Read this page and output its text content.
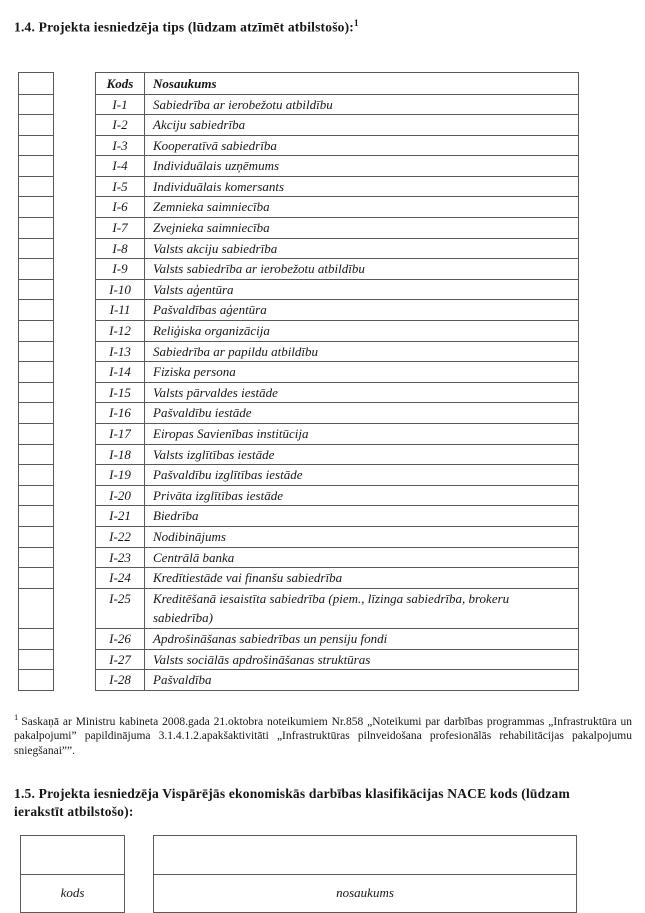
1.4. Projekta iesniedzēja tips (lūdzam atzīmēt atbilstošo):$^1$
		Kods	Nosaukums
		I-1	Sabiedrība ar ierobežotu atbildību
		I-2	Akciju sabiedrība
		I-3	Kooperatīvā sabiedrība
		I-4	Individuālais uzņēmums
		I-5	Individuālais komersants
		I-6	Zemnieka saimniecība
		I-7	Zvejnieka saimniecība
		I-8	Valsts akciju sabiedrība
		I-9	Valsts sabiedrība ar ierobežotu atbildību
		I-10	Valsts aģentūra
		I-11	Pašvaldības aģentūra
		I-12	Reliģiska organizācija
		I-13	Sabiedrība ar papildu atbildību
		I-14	Fiziska persona
		I-15	Valsts pārvaldes iestāde
		I-16	Pašvaldību iestāde
		I-17	Eiropas Savienības institūcija
		I-18	Valsts izglītības iestāde
		I-19	Pašvaldību izglītības iestāde
		I-20	Privāta izglītības iestāde
		I-21	Biedrība
		I-22	Nodibinājums
		I-23	Centrālā banka
		I-24	Kredītiestāde vai finanšu sabiedrība
		I-25	Kreditēšanā iesaistīta sabiedrība (piem., līzinga sabiedrība, brokeru sabiedrība)
		I-26	Apdrošināšanas sabiedrības un pensiju fondi
		I-27	Valsts sociālās apdrošināšanas struktūras
		I-28	Pašvaldība
$^1$ Saskaņā ar Ministru kabineta 2008.gada 21.oktobra noteikumiem Nr.858 „Noteikumi par darbības programmas „Infrastruktūra un pakalpojumi” papildinājuma 3.1.4.1.2.apakšaktivitāti „Infrastruktūras pilnveidošana profesionālās rehabilitācijas pakalpojumu sniegšanai””.
1.5. Projekta iesniedzēja Vispārējās ekonomiskās darbības klasifikācijas NACE kods (lūdzam ierakstīt atbilstošo):
kods	nosaukums
